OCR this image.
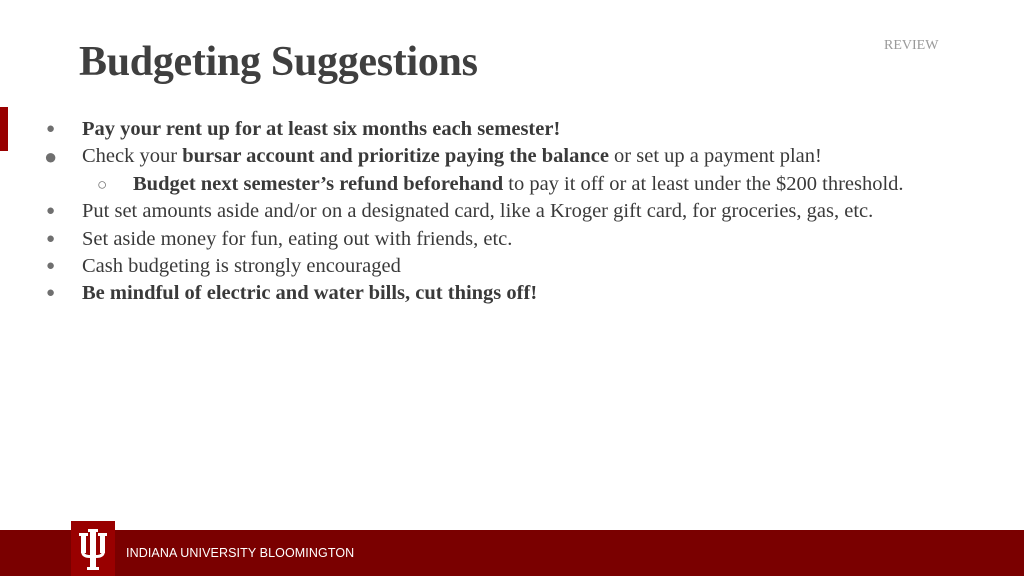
Budgeting Suggestions	REVIEW
● Pay your rent up for at least six months each semester!
● Check your bursar account and prioritize paying the balance or set up a payment plan!
○ Budget next semester’s refund beforehand to pay it off or at least under the $200 threshold.
● Put set amounts aside and/or on a designated card, like a Kroger gift card, for groceries, gas, etc.
● Set aside money for fun, eating out with friends, etc.
● Cash budgeting is strongly encouraged
● Be mindful of electric and water bills, cut things off!
INDIANA UNIVERSITY BLOOMINGTON
